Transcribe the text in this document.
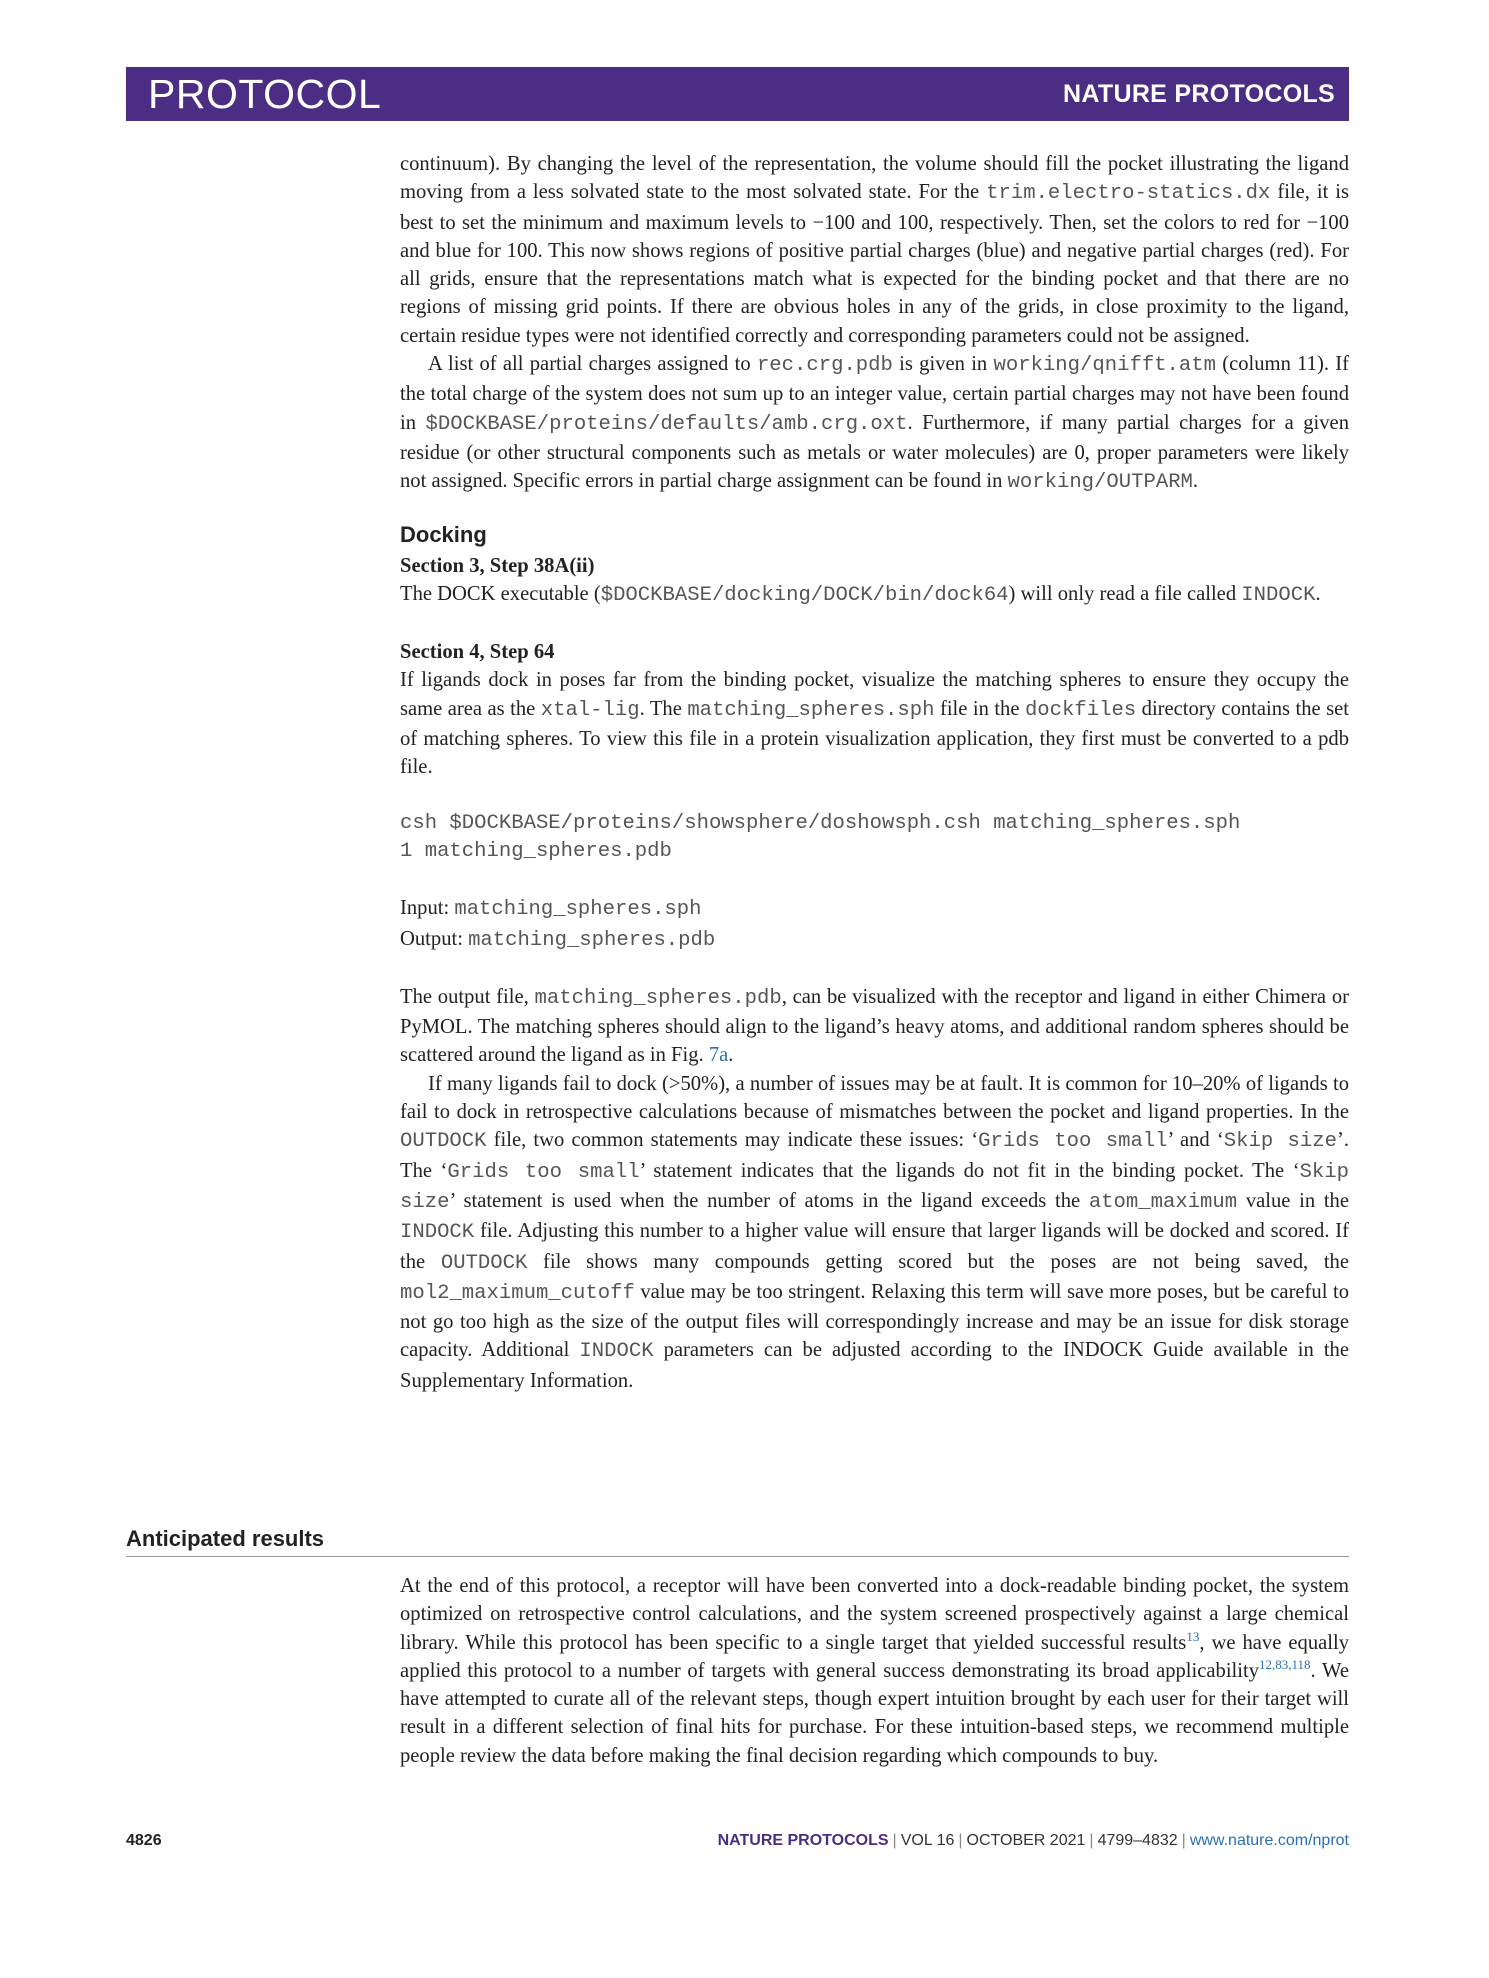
PROTOCOL	NATURE PROTOCOLS

continuum). By changing the level of the representation, the volume should fill the pocket illustrating the ligand moving from a less solvated state to the most solvated state. For the trim.electro-statics.dx file, it is best to set the minimum and maximum levels to −100 and 100, respectively. Then, set the colors to red for −100 and blue for 100. This now shows regions of positive partial charges (blue) and negative partial charges (red). For all grids, ensure that the representations match what is expected for the binding pocket and that there are no regions of missing grid points. If there are obvious holes in any of the grids, in close proximity to the ligand, certain residue types were not identified correctly and corresponding parameters could not be assigned.

A list of all partial charges assigned to rec.crg.pdb is given in working/qnifft.atm (column 11). If the total charge of the system does not sum up to an integer value, certain partial charges may not have been found in $DOCKBASE/proteins/defaults/amb.crg.oxt. Furthermore, if many partial charges for a given residue (or other structural components such as metals or water molecules) are 0, proper parameters were likely not assigned. Specific errors in partial charge assignment can be found in working/OUTPARM.

Docking
Section 3, Step 38A(ii)

The DOCK executable ($DOCKBASE/docking/DOCK/bin/dock64) will only read a file called INDOCK.

Section 4, Step 64

If ligands dock in poses far from the binding pocket, visualize the matching spheres to ensure they occupy the same area as the xtal-lig. The matching_spheres.sph file in the dockfiles directory contains the set of matching spheres. To view this file in a protein visualization application, they first must be converted to a pdb file.

csh $DOCKBASE/proteins/showsphere/doshowsph.csh matching_spheres.sph
1 matching_spheres.pdb

Input: matching_spheres.sph

Output: matching_spheres.pdb

The output file, matching_spheres.pdb, can be visualized with the receptor and ligand in either Chimera or PyMOL. The matching spheres should align to the ligand’s heavy atoms, and additional random spheres should be scattered around the ligand as in Fig. 7a.

If many ligands fail to dock (>50%), a number of issues may be at fault. It is common for 10–20% of ligands to fail to dock in retrospective calculations because of mismatches between the pocket and ligand properties. In the OUTDOCK file, two common statements may indicate these issues: ‘Grids too small’ and ‘Skip size’. The ‘Grids too small’ statement indicates that the ligands do not fit in the binding pocket. The ‘Skip size’ statement is used when the number of atoms in the ligand exceeds the atom_maximum value in the INDOCK file. Adjusting this number to a higher value will ensure that larger ligands will be docked and scored. If the OUTDOCK file shows many compounds getting scored but the poses are not being saved, the mol2_maximum_cutoff value may be too stringent. Relaxing this term will save more poses, but be careful to not go too high as the size of the output files will correspondingly increase and may be an issue for disk storage capacity. Additional INDOCK parameters can be adjusted according to the INDOCK Guide available in the Supplementary Information.

Anticipated results

At the end of this protocol, a receptor will have been converted into a dock-readable binding pocket, the system optimized on retrospective control calculations, and the system screened prospectively against a large chemical library. While this protocol has been specific to a single target that yielded successful results$^{13}$, we have equally applied this protocol to a number of targets with general success demonstrating its broad applicability$^{12,83,118}$. We have attempted to curate all of the relevant steps, though expert intuition brought by each user for their target will result in a different selection of final hits for purchase. For these intuition-based steps, we recommend multiple people review the data before making the final decision regarding which compounds to buy.

4826	NATURE PROTOCOLS | VOL 16 | OCTOBER 2021 | 4799–4832 | www.nature.com/nprot
